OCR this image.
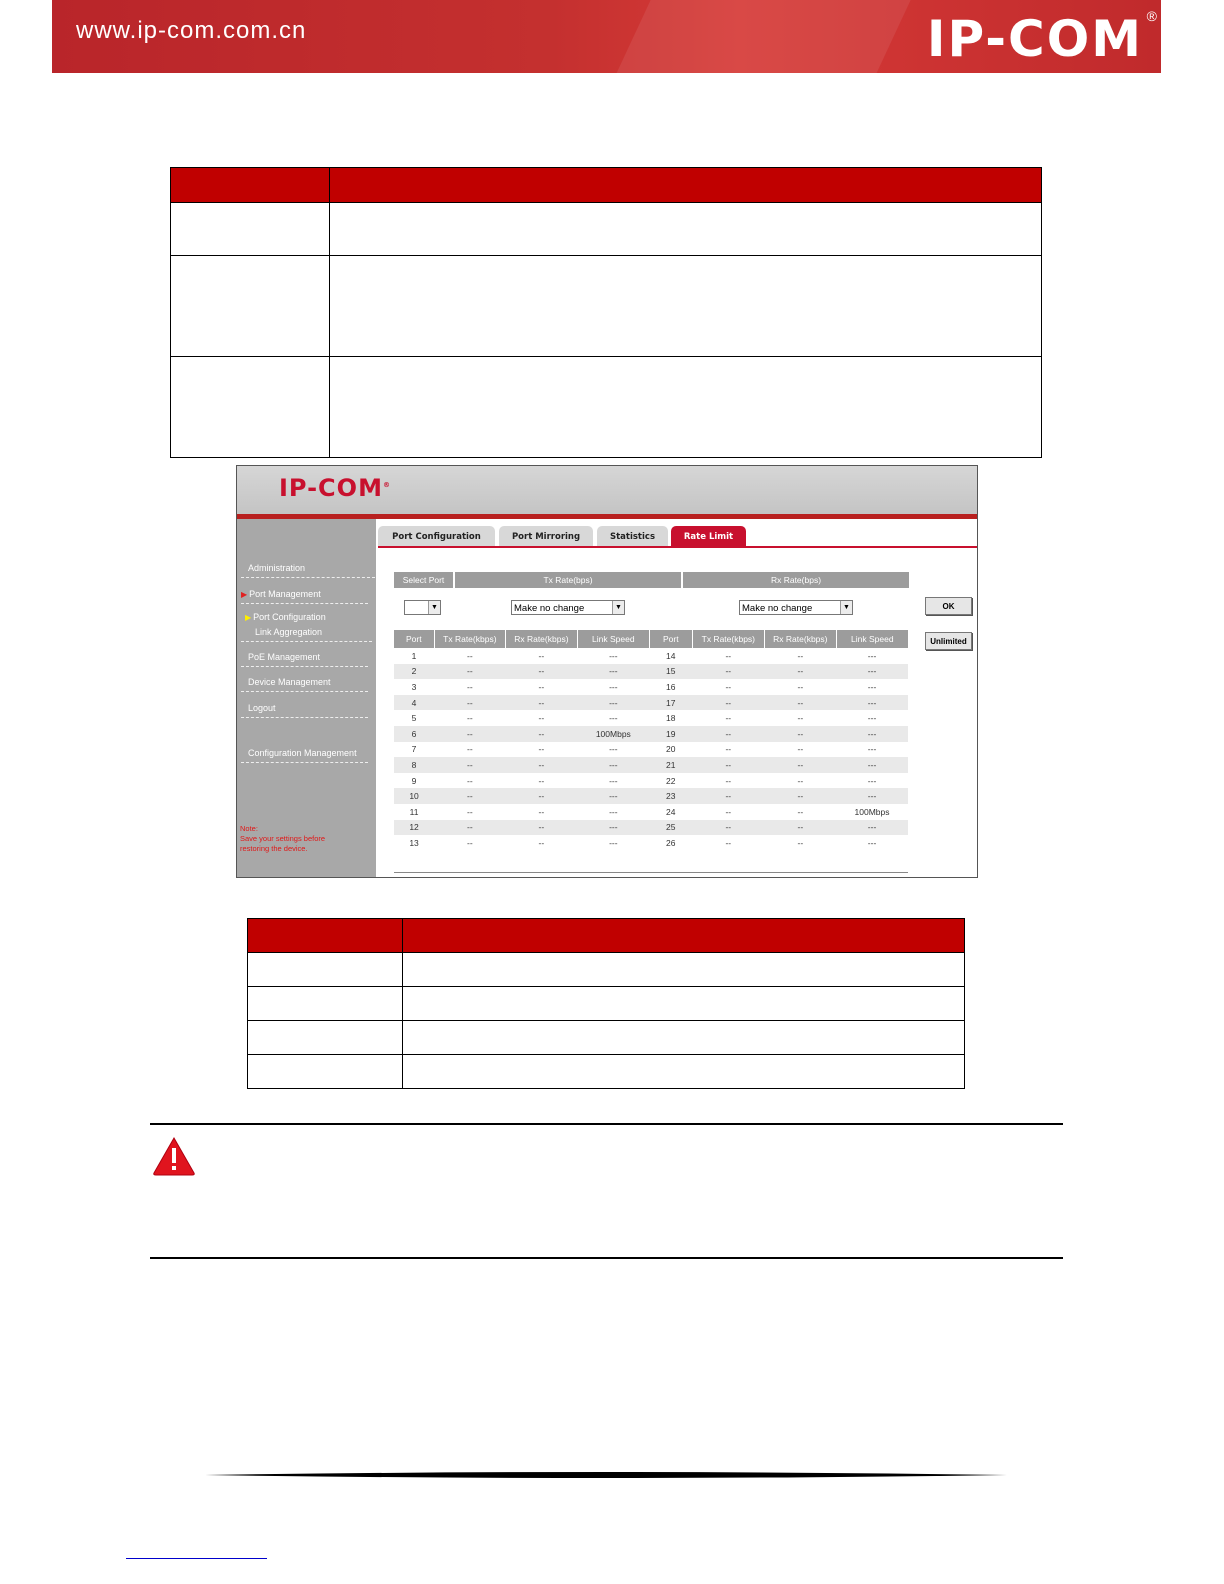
www.ip-com.com.cn	IP-COM ®

IP-COM®
Administration
▶ Port Management
▶ Port Configuration
Link Aggregation
PoE Management
Device Management
Logout
Configuration Management
Note:
Save your settings before restoring the device.
Port Configuration	Port Mirroring	Statistics	Rate Limit
Select Port	Tx Rate(bps)	Rx Rate(bps)
▼	Make no change	▼	Make no change	▼	OK
Unlimited
Port	Tx Rate(kbps)	Rx Rate(kbps)	Link Speed	Port	Tx Rate(kbps)	Rx Rate(kbps)	Link Speed
1	--	--	---	14	--	--	---
2	--	--	---	15	--	--	---
3	--	--	---	16	--	--	---
4	--	--	---	17	--	--	---
5	--	--	---	18	--	--	---
6	--	--	100Mbps	19	--	--	---
7	--	--	---	20	--	--	---
8	--	--	---	21	--	--	---
9	--	--	---	22	--	--	---
10	--	--	---	23	--	--	---
11	--	--	---	24	--	--	100Mbps
12	--	--	---	25	--	--	---
13	--	--	---	26	--	--	---
